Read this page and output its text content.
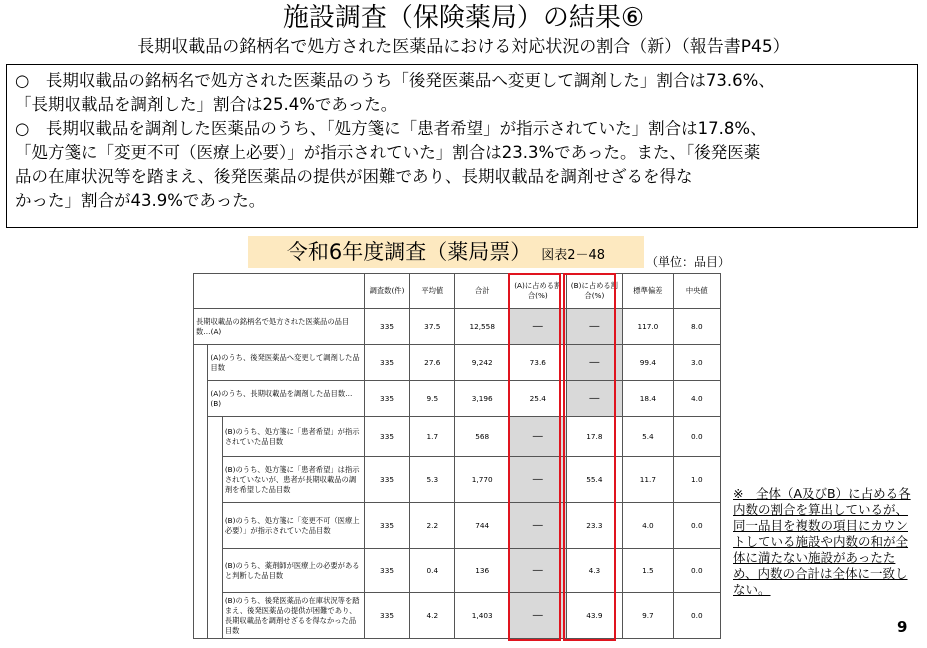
施設調査（保険薬局）の結果⑥
長期収載品の銘柄名で処方された医薬品における対応状況の割合（新）（報告書P45）

○　長期収載品の銘柄名で処方された医薬品のうち「後発医薬品へ変更して調剤した」割合は73.6%、

「長期収載品を調剤した」割合は25.4%であった。

○　長期収載品を調剤した医薬品のうち、「処方箋に「患者希望」が指示されていた」割合は17.8%、

「処方箋に「変更不可（医療上必要）」が指示されていた」割合は23.3%であった。また、「後発医薬

品の在庫状況等を踏まえ、後発医薬品の提供が困難であり、長期収載品を調剤せざるを得な

かった」割合が43.9%であった。

令和6年度調査（薬局票） 図表2－48	（単位：品目）
			調査数(件)	平均値	合計	(A)に占める割合(%)	(B)に占める割合(%)	標準偏差	中央値
長期収載品の銘柄名で処方された医薬品の品目数…(A)			335	37.5	12,558	―	―	117.0	8.0
	(A)のうち、後発医薬品へ変更して調剤した品目数		335	27.6	9,242	73.6	―	99.4	3.0
	(A)のうち、長期収載品を調剤した品目数…(B)		335	9.5	3,196	25.4	―	18.4	4.0
		(B)のうち、処方箋に「患者希望」が指示されていた品目数	335	1.7	568	―	17.8	5.4	0.0
		(B)のうち、処方箋に「患者希望」は指示されていないが、患者が長期収載品の調剤を希望した品目数	335	5.3	1,770	―	55.4	11.7	1.0
		(B)のうち、処方箋に「変更不可（医療上必要）」が指示されていた品目数	335	2.2	744	―	23.3	4.0	0.0
		(B)のうち、薬剤師が医療上の必要があると判断した品目数	335	0.4	136	―	4.3	1.5	0.0
		(B)のうち、後発医薬品の在庫状況等を踏まえ、後発医薬品の提供が困難であり、長期収載品を調剤せざるを得なかった品目数	335	4.2	1,403	―	43.9	9.7	0.0
※　全体（A及びB）に占める各内数の割合を算出しているが、同一品目を複数の項目にカウントしている施設や内数の和が全体に満たない施設があったため、内数の合計は全体に一致しない。
9
